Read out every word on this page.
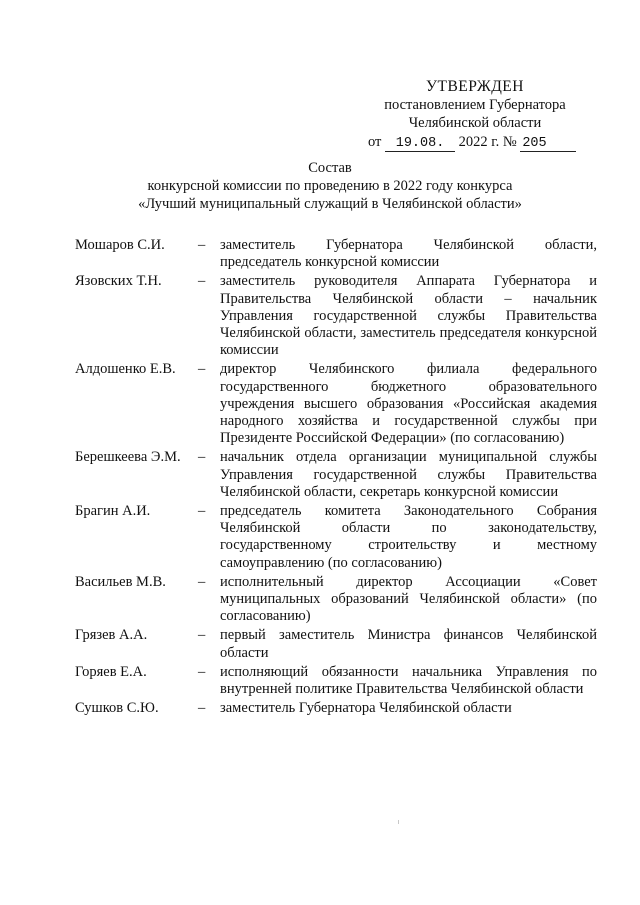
УТВЕРЖДЕН
постановлением Губернатора
Челябинской области
от 19.08. 2022 г. № 205
Состав
конкурсной комиссии по проведению в 2022 году конкурса
«Лучший муниципальный служащий в Челябинской области»
Мошаров С.И.	–	заместитель Губернатора Челябинской области, председатель конкурсной комиссии
Язовских Т.Н.	–	заместитель руководителя Аппарата Губернатора и Правительства Челябинской области – начальник Управления государственной службы Правительства Челябинской области, заместитель председателя конкурсной комиссии
Алдошенко Е.В.	–	директор Челябинского филиала федерального государственного бюджетного образовательного учреждения высшего образования «Российская академия народного хозяйства и государственной службы при Президенте Российской Федерации» (по согласованию)
Берешкеева Э.М.	–	начальник отдела организации муниципальной службы Управления государственной службы Правительства Челябинской области, секретарь конкурсной комиссии
Брагин А.И.	–	председатель комитета Законодательного Собрания Челябинской области по законодательству, государственному строительству и местному самоуправлению (по согласованию)
Васильев М.В.	–	исполнительный директор Ассоциации «Совет муниципальных образований Челябинской области» (по согласованию)
Грязев А.А.	–	первый заместитель Министра финансов Челябинской области
Горяев Е.А.	–	исполняющий обязанности начальника Управления по внутренней политике Правительства Челябинской области
Сушков С.Ю.	–	заместитель Губернатора Челябинской области
